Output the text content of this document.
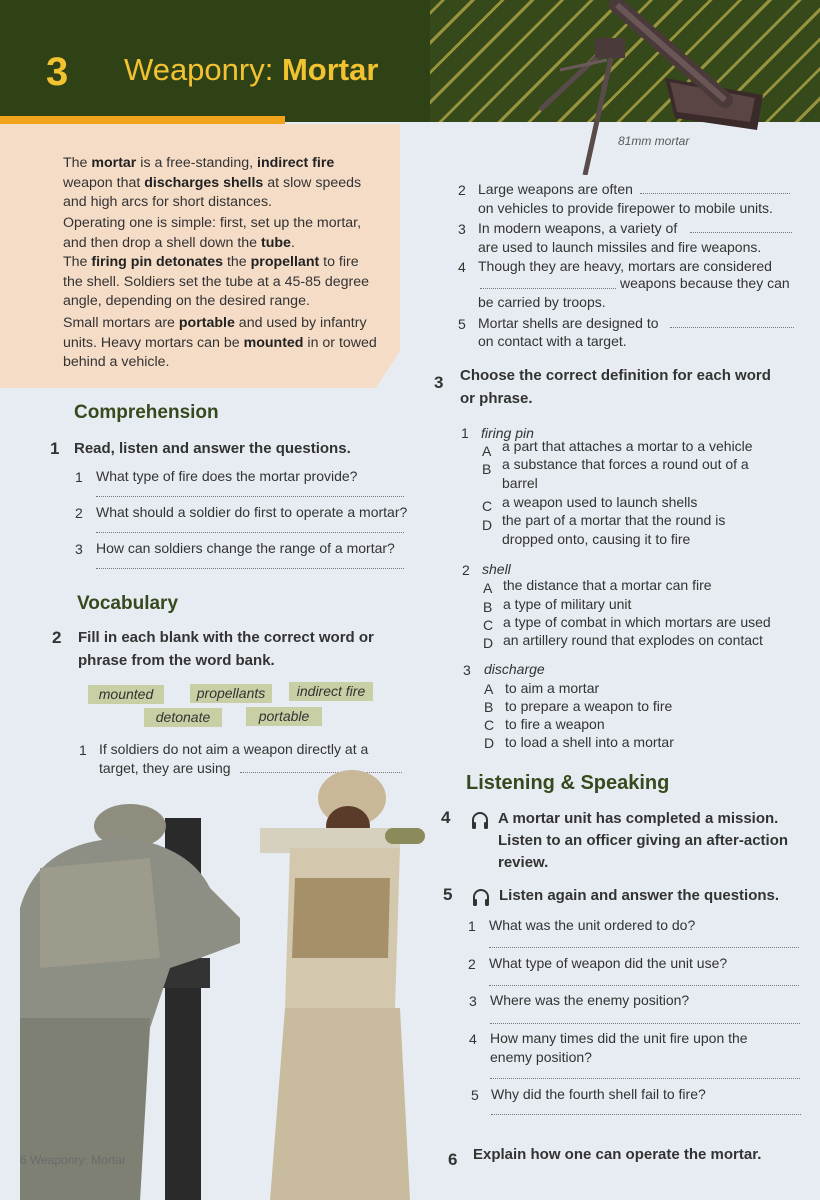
3 Weaponry: Mortar
81mm mortar
The mortar is a free-standing, indirect fire weapon that discharges shells at slow speeds and high arcs for short distances.
Operating one is simple: first, set up the mortar, and then drop a shell down the tube.
The firing pin detonates the propellant to fire the shell. Soldiers set the tube at a 45-85 degree angle, depending on the desired range.
Small mortars are portable and used by infantry units. Heavy mortars can be mounted in or towed behind a vehicle.
Comprehension
1 Read, listen and answer the questions.
1 What type of fire does the mortar provide?
2 What should a soldier do first to operate a mortar?
3 How can soldiers change the range of a mortar?
Vocabulary
2 Fill in each blank with the correct word or
phrase from the word bank.
mounted	propellants	indirect fire
detonate	portable
1 If soldiers do not aim a weapon directly at a
target, they are using
6 Weaponry: Mortar
2 Large weapons are often
on vehicles to provide firepower to mobile units.
3 In modern weapons, a variety of
are used to launch missiles and fire weapons.
4 Though they are heavy, mortars are considered
weapons because they can
be carried by troops.
5 Mortar shells are designed to
on contact with a target.
3 Choose the correct definition for each word
or phrase.
1 firing pin
A a part that attaches a mortar to a vehicle
B a substance that forces a round out of a
barrel
C a weapon used to launch shells
D the part of a mortar that the round is
dropped onto, causing it to fire
2 shell
A the distance that a mortar can fire
B a type of military unit
C a type of combat in which mortars are used
D an artillery round that explodes on contact
3 discharge
A to aim a mortar
B to prepare a weapon to fire
C to fire a weapon
D to load a shell into a mortar
Listening & Speaking
4	A mortar unit has completed a mission.
Listen to an officer giving an after-action
review.
5	Listen again and answer the questions.
1 What was the unit ordered to do?
2 What type of weapon did the unit use?
3 Where was the enemy position?
4 How many times did the unit fire upon the
enemy position?
5 Why did the fourth shell fail to fire?
6 Explain how one can operate the mortar.
